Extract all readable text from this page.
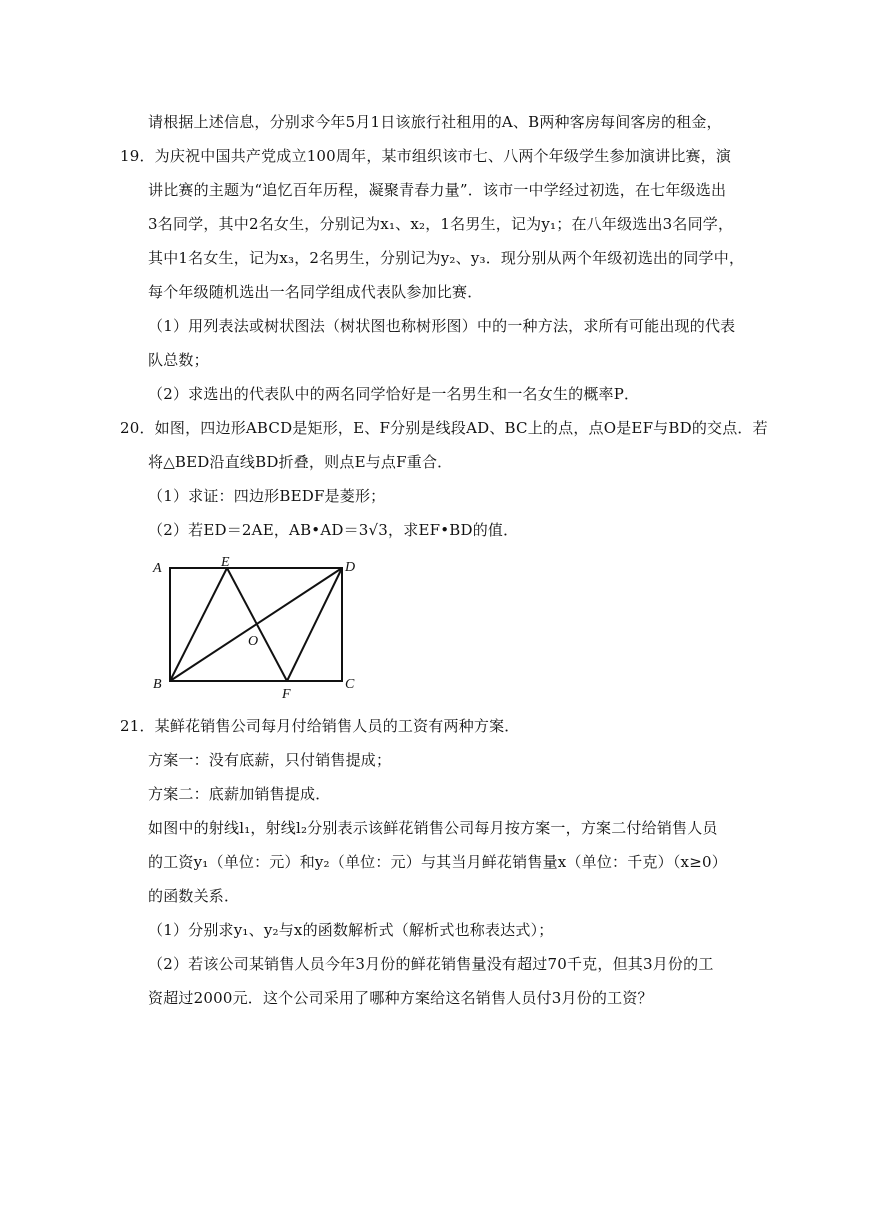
请根据上述信息，分别求今年5月1日该旅行社租用的A、B两种客房每间客房的租金，
19．为庆祝中国共产党成立100周年，某市组织该市七、八两个年级学生参加演讲比赛，演
讲比赛的主题为“追忆百年历程，凝聚青春力量”．该市一中学经过初选，在七年级选出
3名同学，其中2名女生，分别记为x₁、x₂，1名男生，记为y₁；在八年级选出3名同学，
其中1名女生，记为x₃，2名男生，分别记为y₂、y₃．现分别从两个年级初选出的同学中，
每个年级随机选出一名同学组成代表队参加比赛．
（1）用列表法或树状图法（树状图也称树形图）中的一种方法，求所有可能出现的代表
队总数；
（2）求选出的代表队中的两名同学恰好是一名男生和一名女生的概率P．
20．如图，四边形ABCD是矩形，E、F分别是线段AD、BC上的点，点O是EF与BD的交点．若
将△BED沿直线BD折叠，则点E与点F重合．
（1）求证：四边形BEDF是菱形；
（2）若ED＝2AE，AB•AD＝3√3，求EF•BD的值．
A	E	D
O
B
F
C
21．某鲜花销售公司每月付给销售人员的工资有两种方案．
方案一：没有底薪，只付销售提成；
方案二：底薪加销售提成．
如图中的射线l₁，射线l₂分别表示该鲜花销售公司每月按方案一，方案二付给销售人员
的工资y₁（单位：元）和y₂（单位：元）与其当月鲜花销售量x（单位：千克）（x≥0）
的函数关系．
（1）分别求y₁、y₂与x的函数解析式（解析式也称表达式）；
（2）若该公司某销售人员今年3月份的鲜花销售量没有超过70千克，但其3月份的工
资超过2000元．这个公司采用了哪种方案给这名销售人员付3月份的工资？
